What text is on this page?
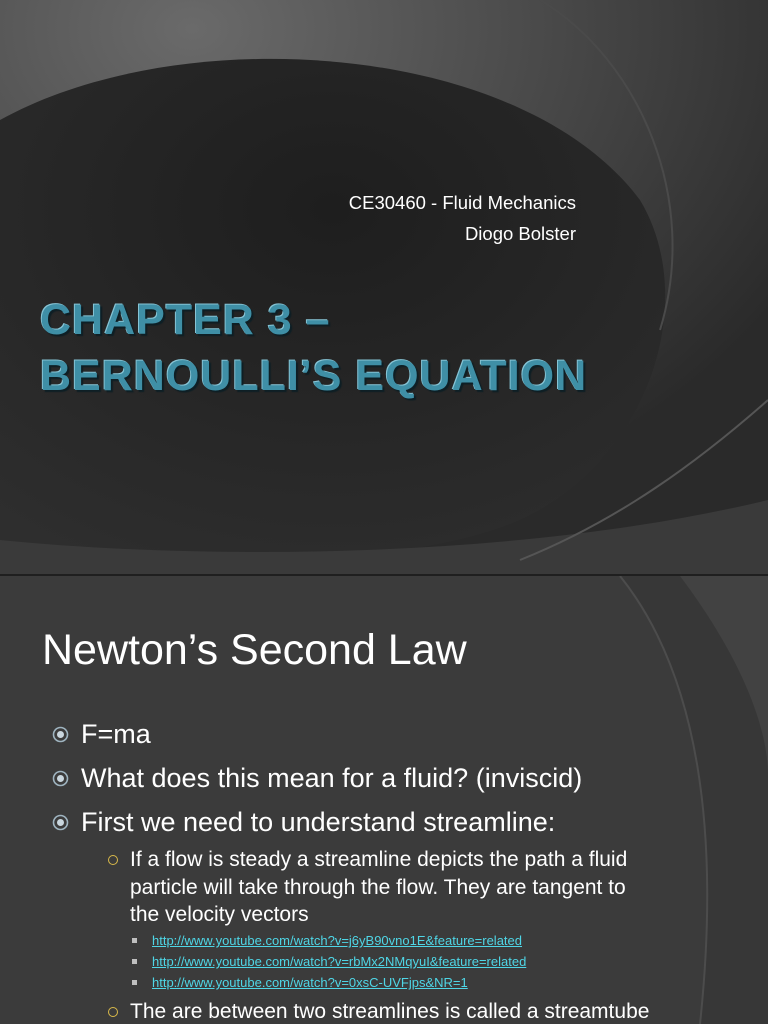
CE30460 - Fluid Mechanics
Diogo Bolster
CHAPTER 3 –
BERNOULLI’S EQUATION
Newton’s Second Law
F=ma
What does this mean for a fluid? (inviscid)
First we need to understand streamline:
If a flow is steady a streamline depicts the path a fluid particle will take through the flow. They are tangent to the velocity vectors
http://www.youtube.com/watch?v=j6yB90vno1E&feature=related
http://www.youtube.com/watch?v=rbMx2NMqyuI&feature=related
http://www.youtube.com/watch?v=0xsC-UVFjps&NR=1
The are between two streamlines is called a streamtube
